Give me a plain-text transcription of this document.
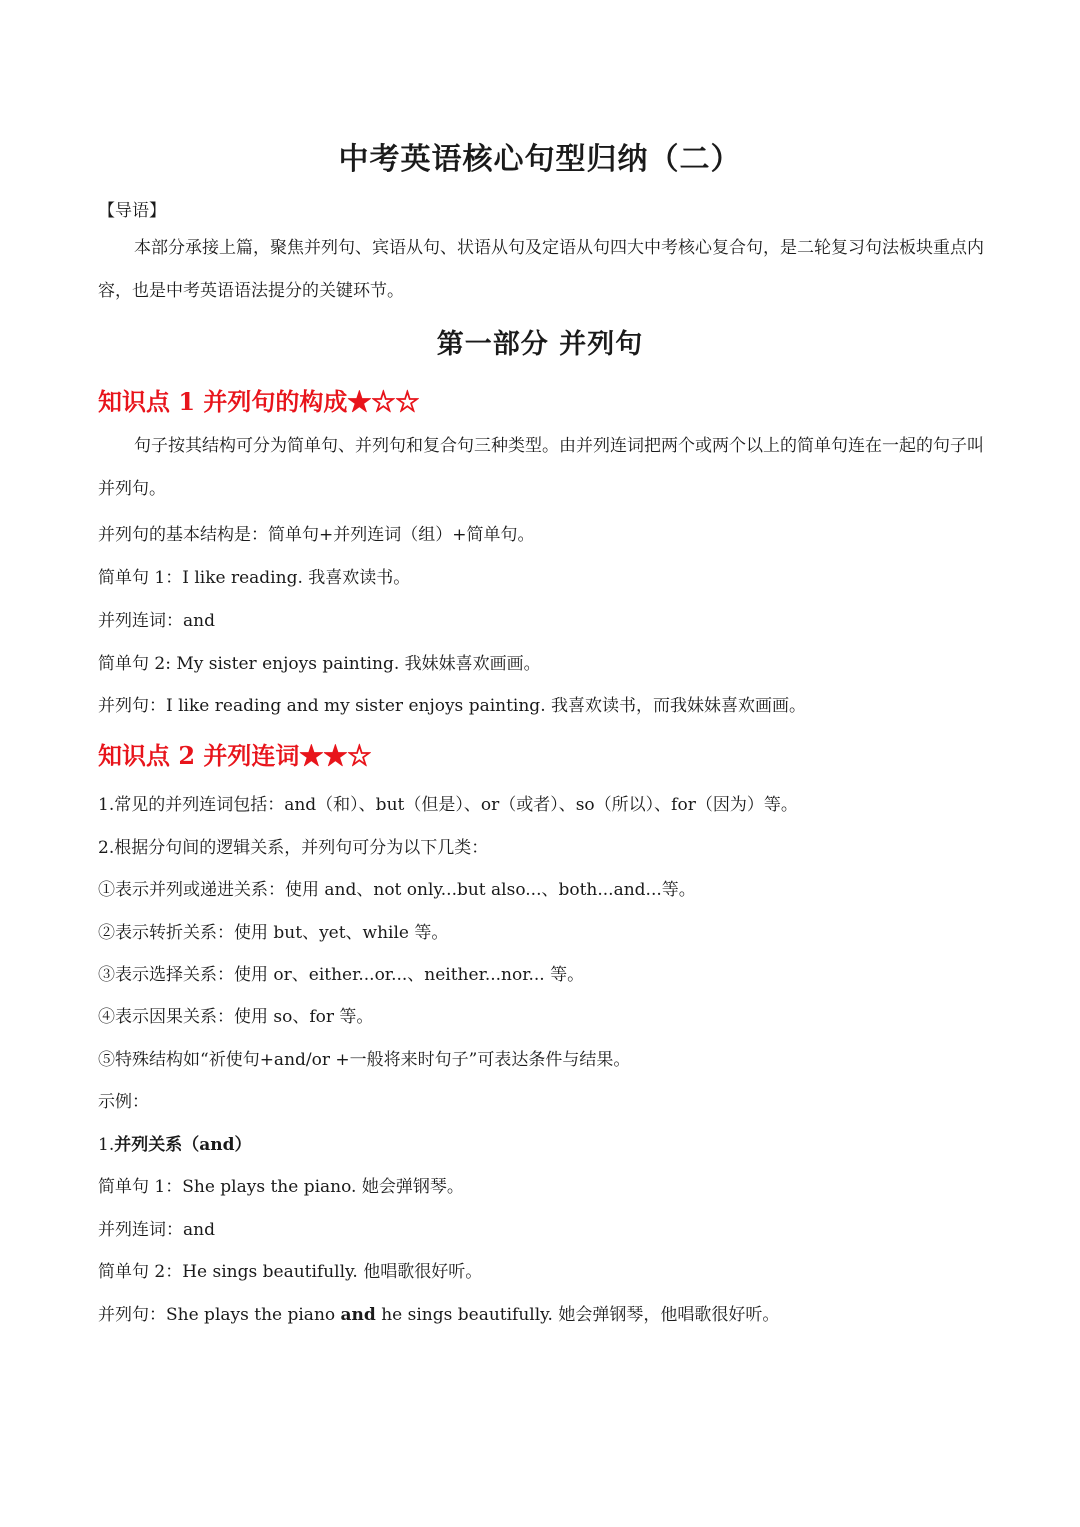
中考英语核心句型归纳（二）
【导语】
本部分承接上篇，聚焦并列句、宾语从句、状语从句及定语从句四大中考核心复合句，是二轮复习句法板块重点内容，也是中考英语语法提分的关键环节。
第一部分 并列句
知识点 1 并列句的构成★☆☆
句子按其结构可分为简单句、并列句和复合句三种类型。由并列连词把两个或两个以上的简单句连在一起的句子叫并列句。
并列句的基本结构是：简单句+并列连词（组）+简单句。
简单句 1：I like reading. 我喜欢读书。
并列连词：and
简单句 2: My sister enjoys painting. 我妹妹喜欢画画。
并列句：I like reading and my sister enjoys painting. 我喜欢读书，而我妹妹喜欢画画。
知识点 2 并列连词★★☆
1.常见的并列连词包括：and（和）、but（但是）、or（或者）、so（所以）、for（因为）等。
2.根据分句间的逻辑关系，并列句可分为以下几类：
①表示并列或递进关系：使用 and、not only...but also...、both...and...等。
②表示转折关系：使用 but、yet、while 等。
③表示选择关系：使用 or、either...or...、neither...nor... 等。
④表示因果关系：使用 so、for 等。
⑤特殊结构如“祈使句+and/or +一般将来时句子”可表达条件与结果。
示例：
1.并列关系（and）
简单句 1：She plays the piano. 她会弹钢琴。
并列连词：and
简单句 2：He sings beautifully. 他唱歌很好听。
并列句：She plays the piano and he sings beautifully. 她会弹钢琴，他唱歌很好听。
